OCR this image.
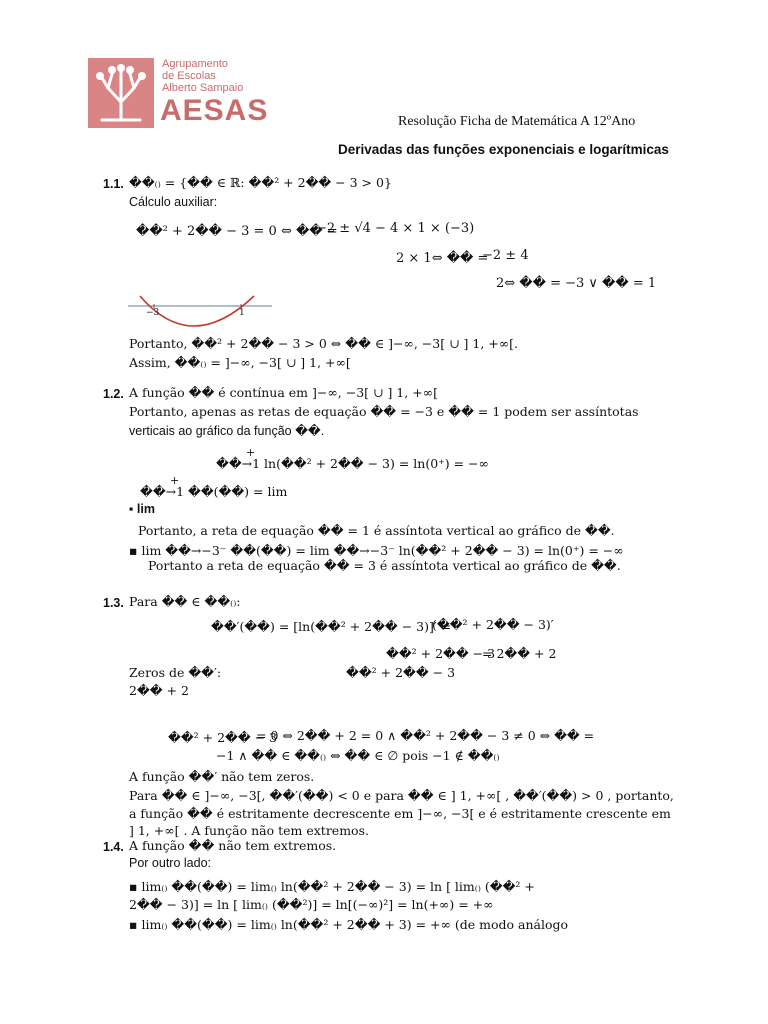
Agrupamento
de Escolas
Alberto Sampaio
AESAS	Resolução Ficha de Matemática A 12ºAno
Derivadas das funções exponenciais e logarítmicas
1.1. ��₍₎ = {�� ∈ ℝ: ��² + 2�� − 3 > 0}
Cálculo auxiliar:
��² + 2�� − 3 = 0 ⇔ �� =
−2 ± √4 − 4 × 1 × (−3)
2 × 1⇔ �� =
−2 ± 4
2⇔ �� = −3 ∨ �� = 1
−3	1
Portanto, ��² + 2�� − 3 > 0 ⇔ �� ∈ ]−∞, −3[ ∪ ] 1, +∞[.
Assim, ��₍₎ = ]−∞, −3[ ∪ ] 1, +∞[
1.2. A função �� é contínua em ]−∞, −3[ ∪ ] 1, +∞[
Portanto, apenas as retas de equação �� = −3 e �� = 1 podem ser assíntotas
verticais ao gráfico da função ��.
+
��→1 ln(��² + 2�� − 3) = ln(0⁺) = −∞
+
��→1 ��(��) = lim
▪ lim
Portanto, a reta de equação �� = 1 é assíntota vertical ao gráfico de ��.
▪ lim ��→−3⁻ ��(��) = lim ��→−3⁻ ln(��² + 2�� − 3) = ln(0⁺) = −∞
Portanto a reta de equação �� = 3 é assíntota vertical ao gráfico de ��.
1.3. Para �� ∈ ��₍₎:
��′(��) = [ln(��² + 2�� − 3)]′ =
(��² + 2�� − 3)′
��² + 2�� − 3
= 2�� + 2
Zeros de ��′:	��² + 2�� − 3
2�� + 2
��² + 2�� − 3
= 0 ⇔ 2�� + 2 = 0 ∧ ��² + 2�� − 3 ≠ 0 ⇔ �� =
−1 ∧ �� ∈ ��₍₎ ⇔ �� ∈ ∅ pois −1 ∉ ��₍₎
A função ��′ não tem zeros.
Para �� ∈ ]−∞, −3[, ��′(��) < 0 e para �� ∈ ] 1, +∞[ , ��′(��) > 0 , portanto,
a função �� é estritamente decrescente em ]−∞, −3[ e é estritamente crescente em
] 1, +∞[ . A função não tem extremos.
1.4. A função �� não tem extremos.
Por outro lado:
▪ lim₍₎ ��(��) = lim₍₎ ln(��² + 2�� − 3) = ln [ lim₍₎ (��² +
2�� − 3)] = ln [ lim₍₎ (��²)] = ln[(−∞)²] = ln(+∞) = +∞
▪ lim₍₎ ��(��) = lim₍₎ ln(��² + 2�� + 3) = +∞ (de modo análogo
